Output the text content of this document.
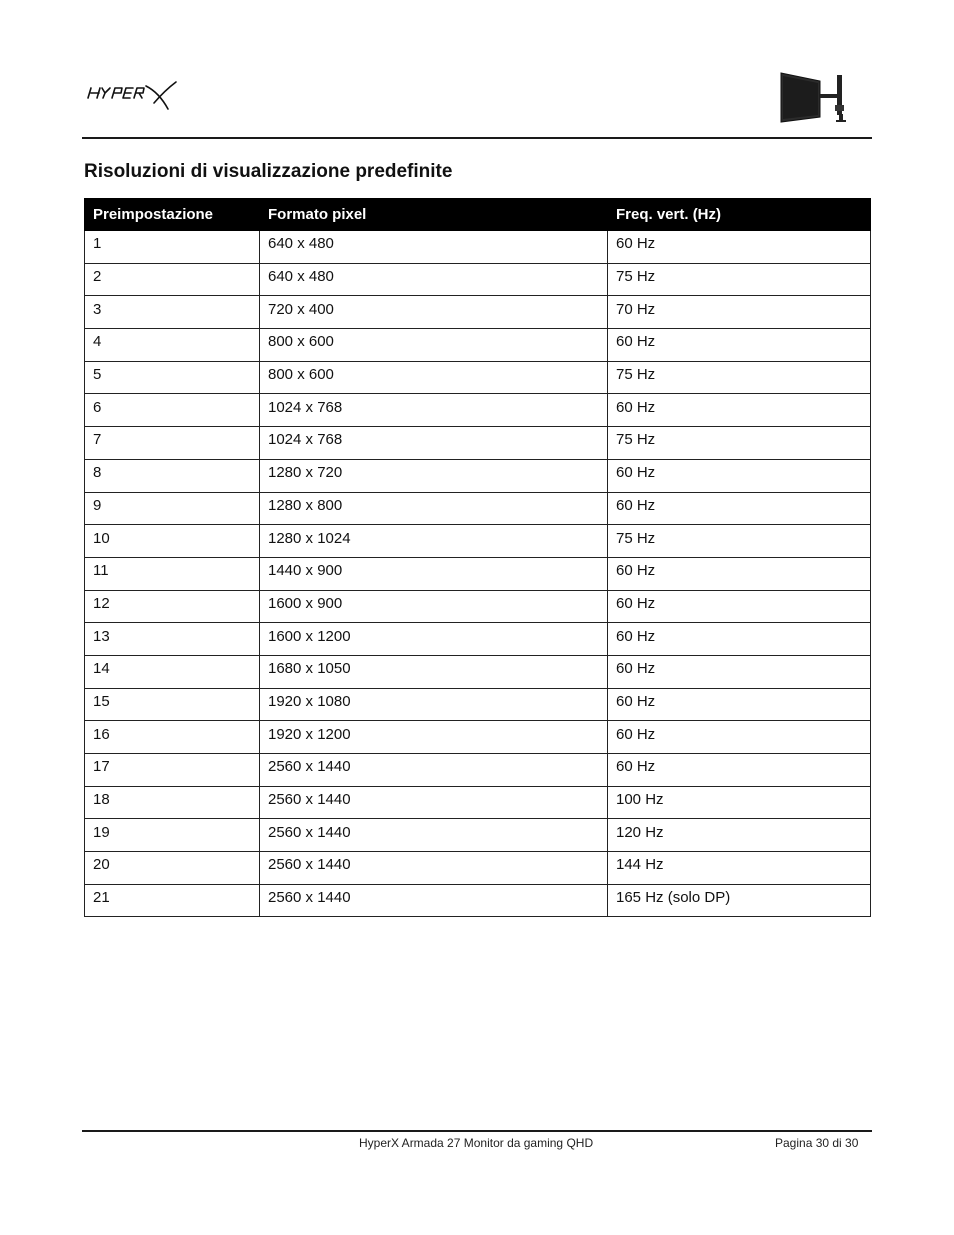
Risoluzioni di visualizzazione predefinite
Preimpostazione	Formato pixel	Freq. vert. (Hz)
1	640 x 480	60 Hz
2	640 x 480	75 Hz
3	720 x 400	70 Hz
4	800 x 600	60 Hz
5	800 x 600	75 Hz
6	1024 x 768	60 Hz
7	1024 x 768	75 Hz
8	1280 x 720	60 Hz
9	1280 x 800	60 Hz
10	1280 x 1024	75 Hz
11	1440 x 900	60 Hz
12	1600 x 900	60 Hz
13	1600 x 1200	60 Hz
14	1680 x 1050	60 Hz
15	1920 x 1080	60 Hz
16	1920 x 1200	60 Hz
17	2560 x 1440	60 Hz
18	2560 x 1440	100 Hz
19	2560 x 1440	120 Hz
20	2560 x 1440	144 Hz
21	2560 x 1440	165 Hz (solo DP)
HyperX Armada 27 Monitor da gaming QHD	Pagina 30 di 30
